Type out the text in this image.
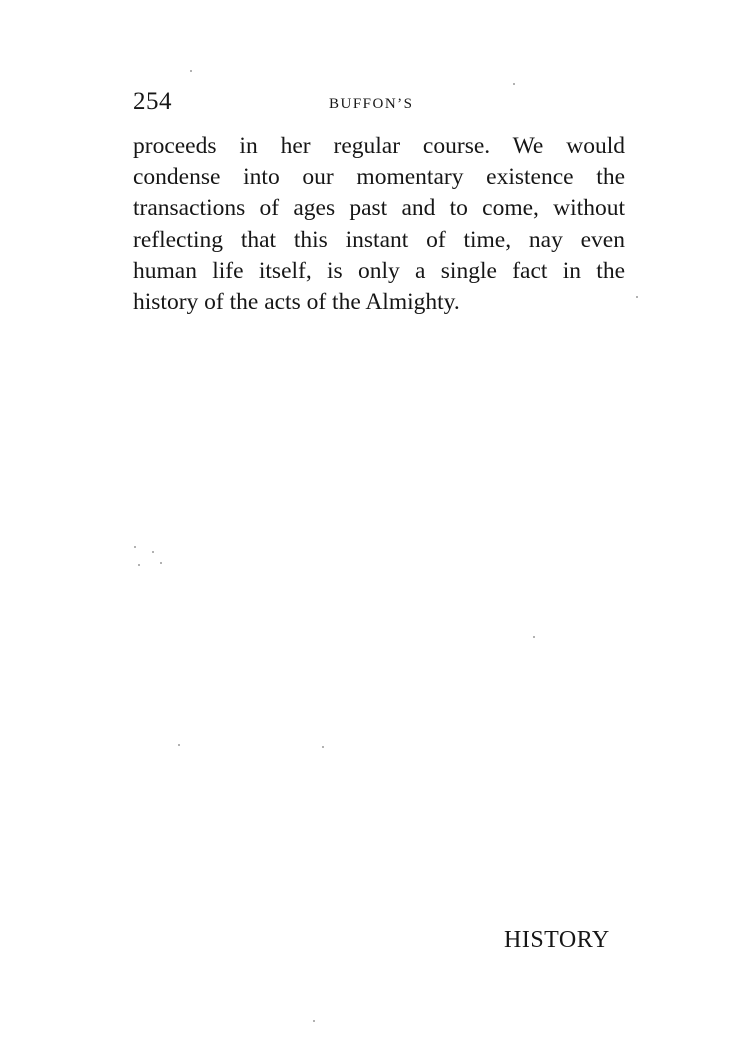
254	BUFFON’S

proceeds in her regular course. We would
condense into our momentary existence the
transactions of ages past and to come, without
reflecting that this instant of time, nay even
human life itself, is only a single fact in the
history of the acts of the Almighty.

HISTORY
